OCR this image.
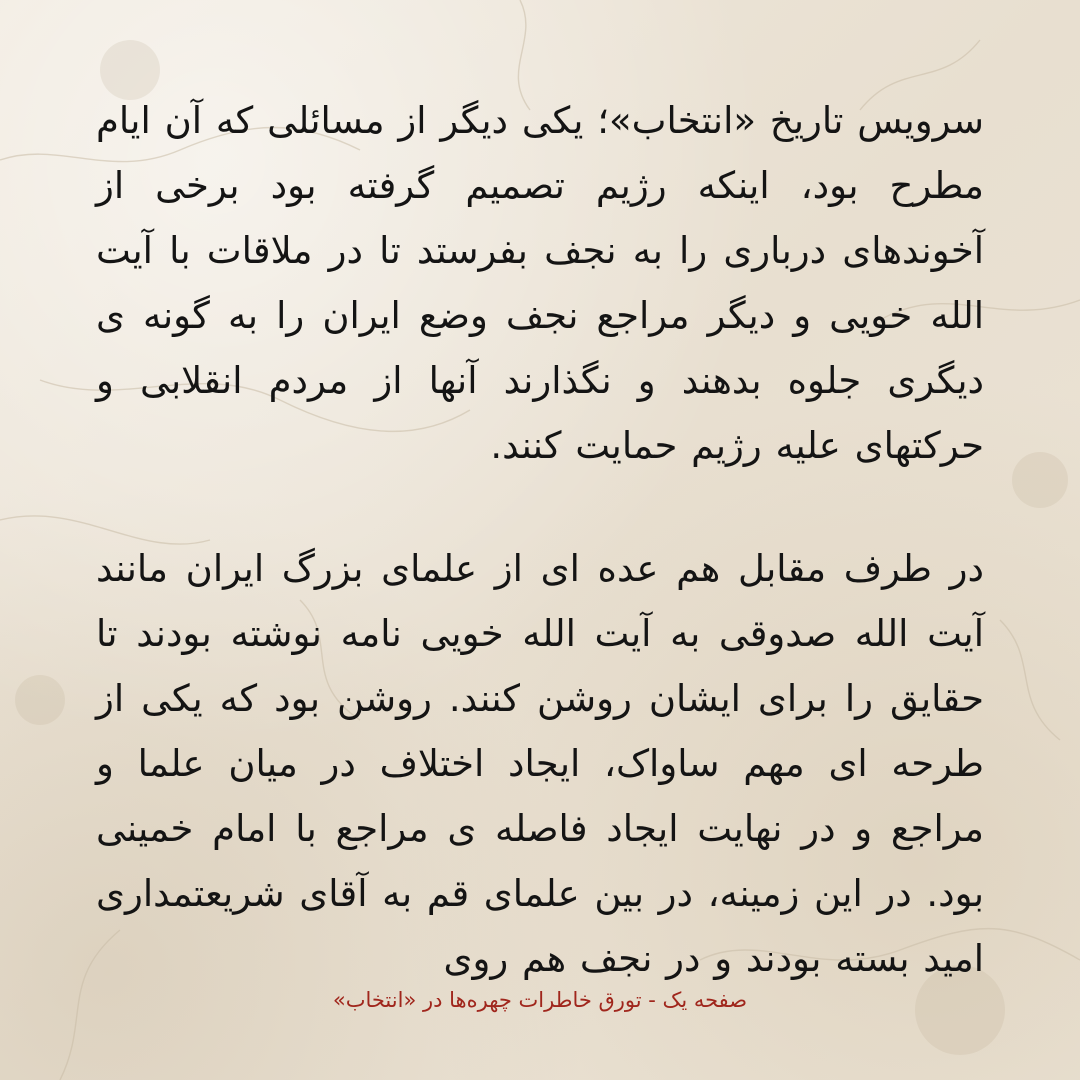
سرویس تاریخ «انتخاب»؛ یکی دیگر از مسائلی که آن ایام مطرح بود، اینکه رژیم تصمیم گرفته بود برخی از آخوندهای درباری را به نجف بفرستد تا در ملاقات با آیت الله خویی و دیگر مراجع نجف وضع ایران را به گونه ی دیگری جلوه بدهند و نگذارند آنها از مردم انقلابی و حرکتهای علیه رژیم حمایت کنند.

در طرف مقابل هم عده ای از علمای بزرگ ایران مانند آیت الله صدوقی به آیت الله خویی نامه نوشته بودند تا حقایق را برای ایشان روشن کنند. روشن بود که یکی از طرحه ای مهم ساواک، ایجاد اختلاف در میان علما و مراجع و در نهایت ایجاد فاصله ی مراجع با امام خمینی بود. در این زمینه، در بین علمای قم به آقای شریعتمداری امید بسته بودند و در نجف هم روی

صفحه یک - تورق خاطرات چهره‌ها در «انتخاب»
